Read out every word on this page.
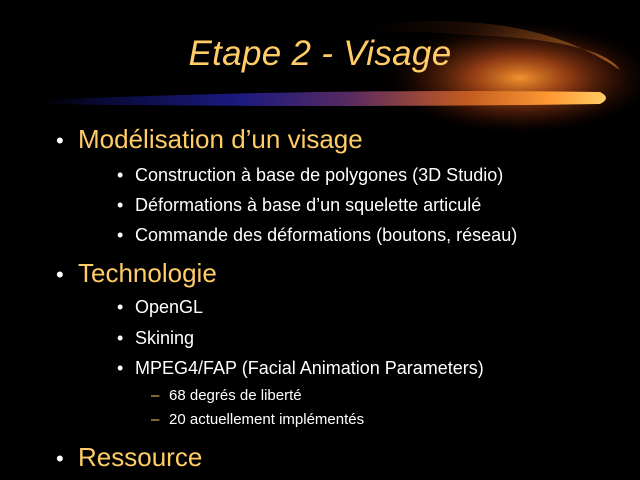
Etape 2 - Visage
• Modélisation d’un visage
• Construction à base de polygones (3D Studio)
• Déformations à base d’un squelette articulé
• Commande des déformations (boutons, réseau)
• Technologie
• OpenGL
• Skining
• MPEG4/FAP (Facial Animation Parameters)
– 68 degrés de liberté
– 20 actuellement implémentés
• Ressource
